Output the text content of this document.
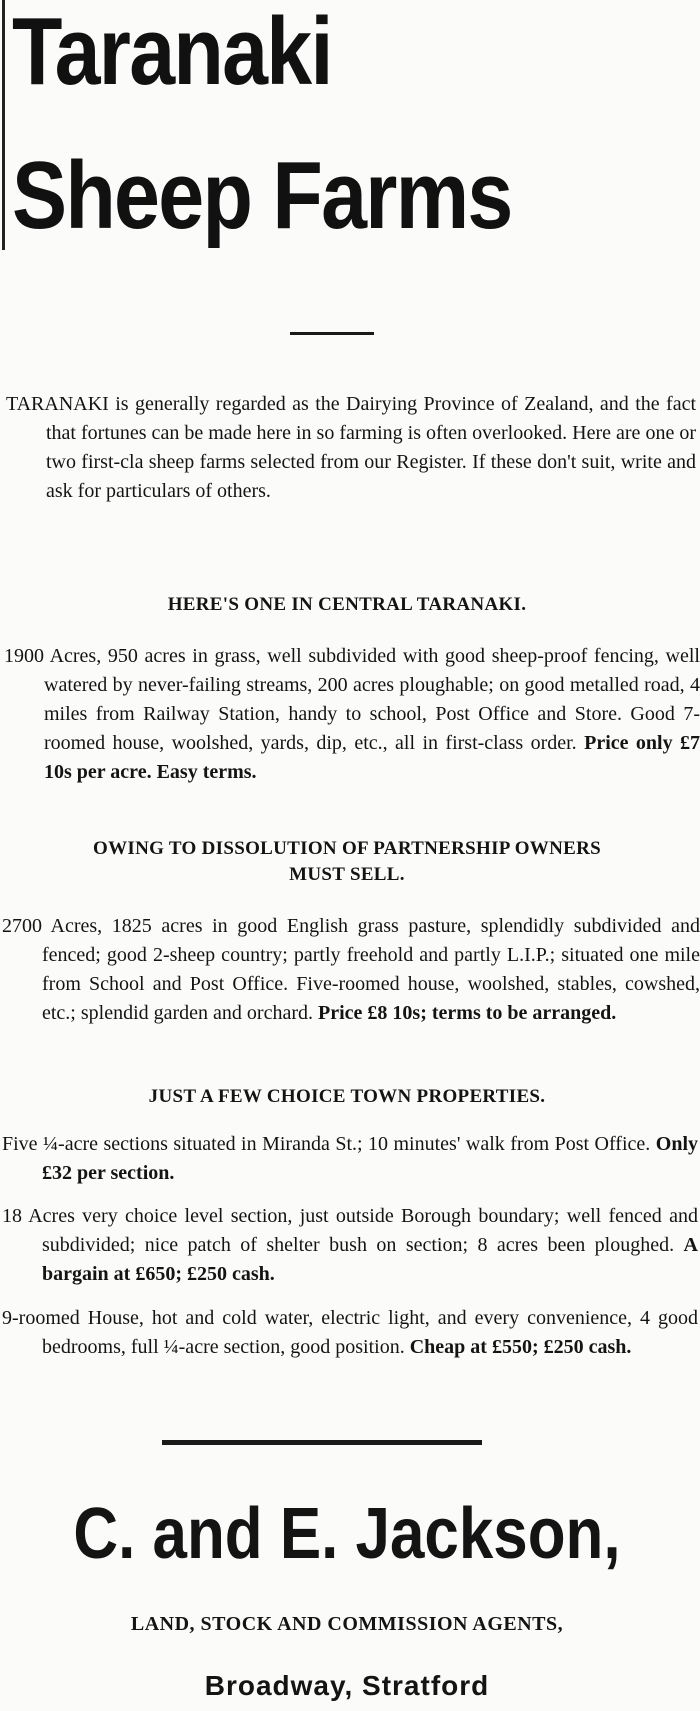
Taranaki
Sheep Farms

TARANAKI is generally regarded as the Dairying Province of Zealand, and the fact that fortunes can be made here in so farming is often overlooked. Here are one or two first-cla sheep farms selected from our Register. If these don't suit, write and ask for particulars of others.

HERE'S ONE IN CENTRAL TARANAKI.

1900 Acres, 950 acres in grass, well subdivided with good sheep-proof fencing, well watered by never-failing streams, 200 acres ploughable; on good metalled road, 4 miles from Railway Station, handy to school, Post Office and Store. Good 7-roomed house, woolshed, yards, dip, etc., all in first-class order. Price only £7 10s per acre. Easy terms.

OWING TO DISSOLUTION OF PARTNERSHIP OWNERS
MUST SELL.

2700 Acres, 1825 acres in good English grass pasture, splendidly subdivided and fenced; good 2-sheep country; partly freehold and partly L.I.P.; situated one mile from School and Post Office. Five-roomed house, woolshed, stables, cowshed, etc.; splendid garden and orchard. Price £8 10s; terms to be arranged.

JUST A FEW CHOICE TOWN PROPERTIES.

Five ¼-acre sections situated in Miranda St.; 10 minutes' walk from Post Office. Only £32 per section.

18 Acres very choice level section, just outside Borough boundary; well fenced and subdivided; nice patch of shelter bush on section; 8 acres been ploughed. A bargain at £650; £250 cash.

9-roomed House, hot and cold water, electric light, and every convenience, 4 good bedrooms, full ¼-acre section, good position. Cheap at £550; £250 cash.

C. and E. Jackson,
LAND, STOCK AND COMMISSION AGENTS,
Broadway, Stratford
